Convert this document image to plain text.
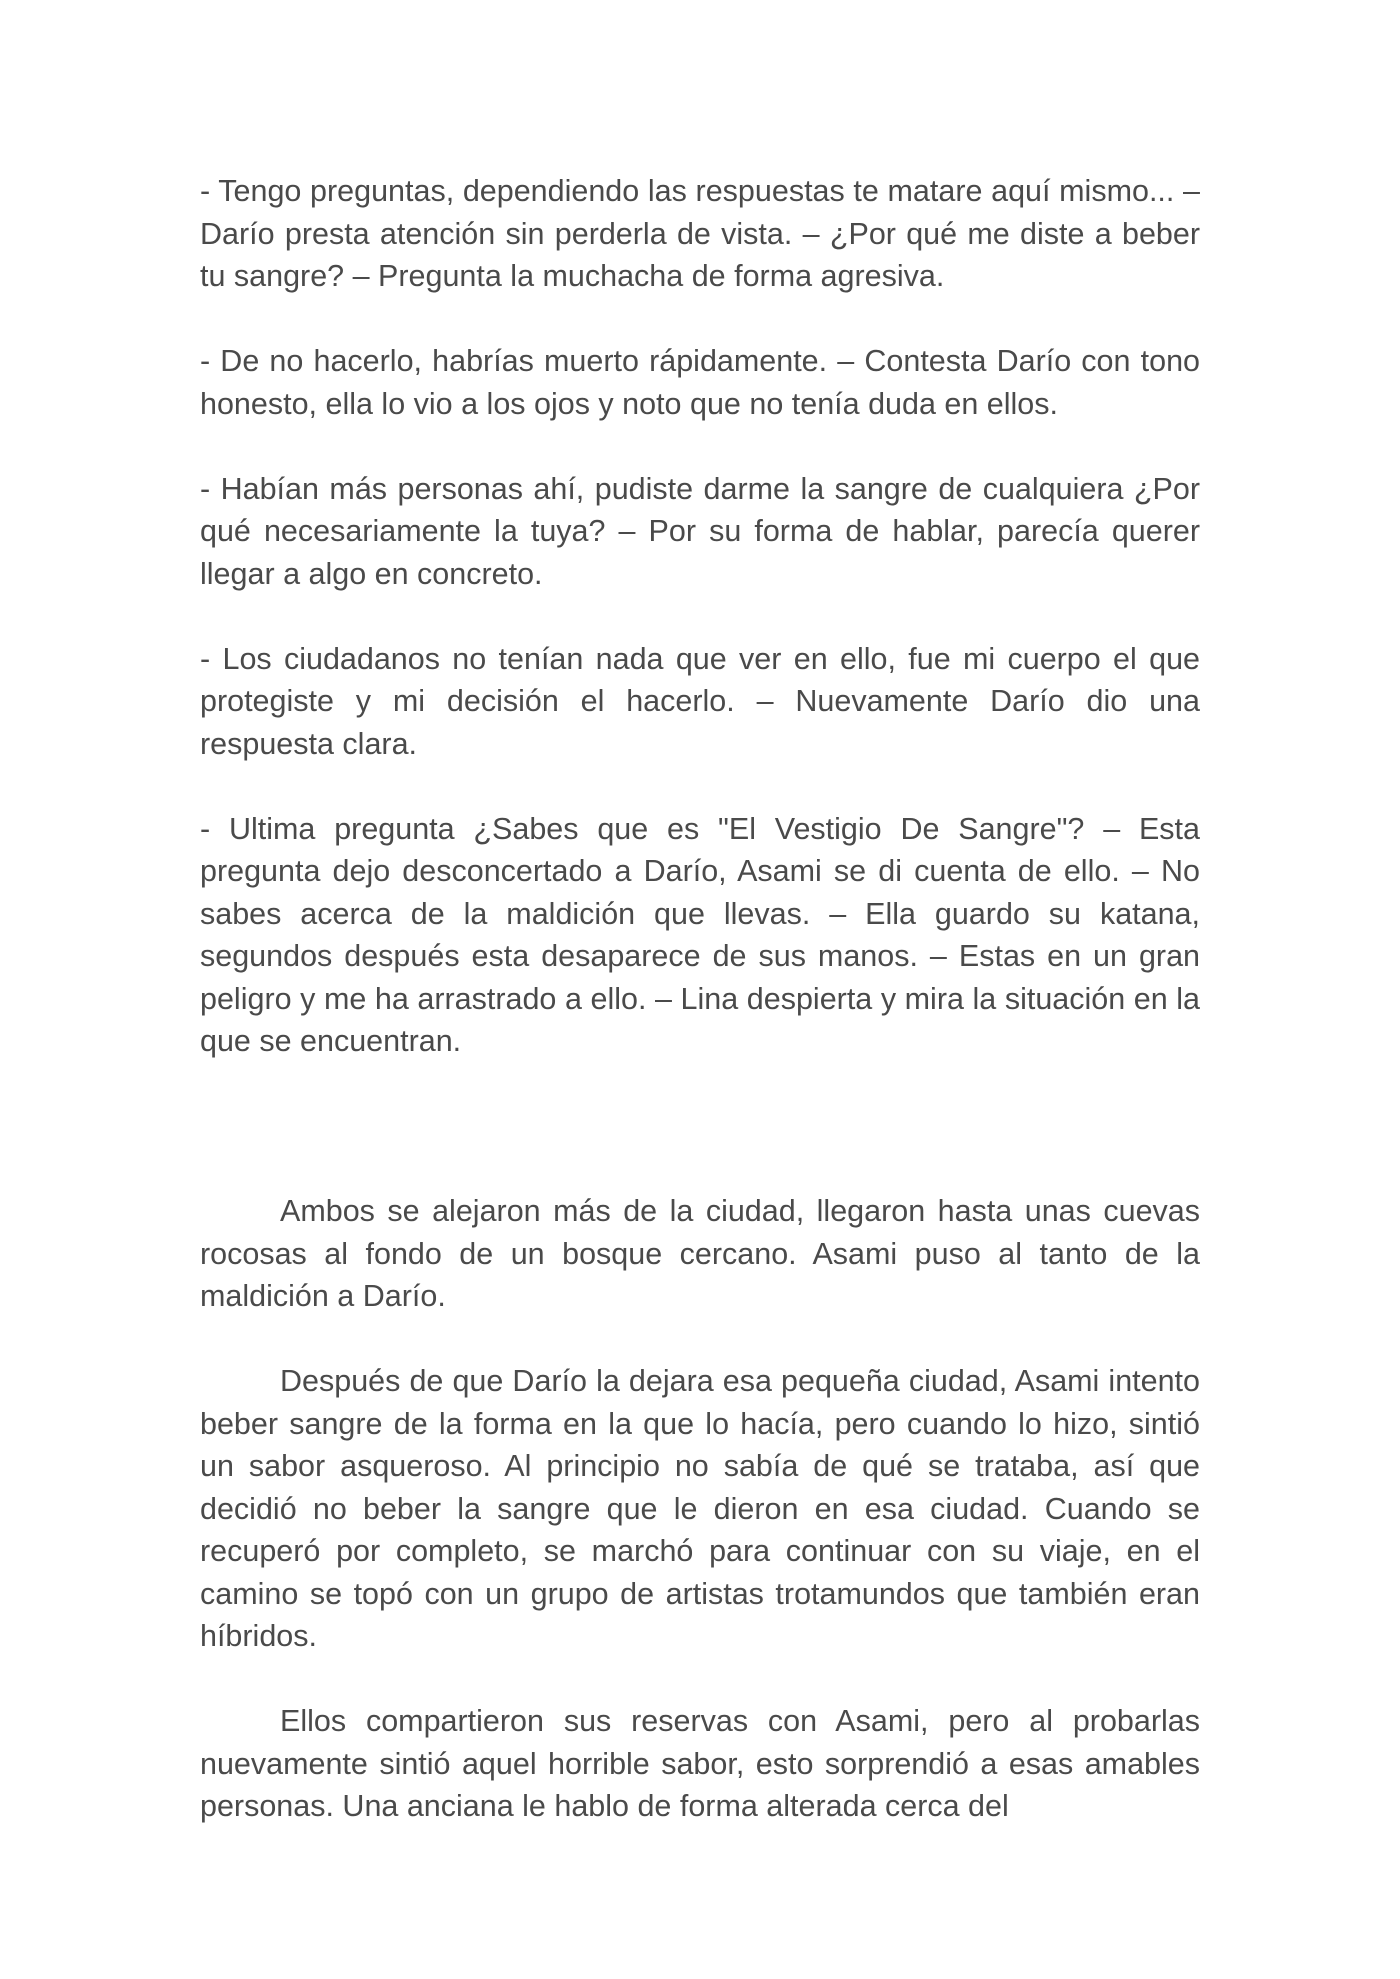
- Tengo preguntas, dependiendo las respuestas te matare aquí mismo... – Darío presta atención sin perderla de vista. – ¿Por qué me diste a beber tu sangre? – Pregunta la muchacha de forma agresiva.

- De no hacerlo, habrías muerto rápidamente. – Contesta Darío con tono honesto, ella lo vio a los ojos y noto que no tenía duda en ellos.

- Habían más personas ahí, pudiste darme la sangre de cualquiera ¿Por qué necesariamente la tuya? – Por su forma de hablar, parecía querer llegar a algo en concreto.

- Los ciudadanos no tenían nada que ver en ello, fue mi cuerpo el que protegiste y mi decisión el hacerlo. – Nuevamente Darío dio una respuesta clara.

- Ultima pregunta ¿Sabes que es "El Vestigio De Sangre"? – Esta pregunta dejo desconcertado a Darío, Asami se di cuenta de ello. – No sabes acerca de la maldición que llevas. – Ella guardo su katana, segundos después esta desaparece de sus manos. – Estas en un gran peligro y me ha arrastrado a ello. – Lina despierta y mira la situación en la que se encuentran.

Ambos se alejaron más de la ciudad, llegaron hasta unas cuevas rocosas al fondo de un bosque cercano. Asami puso al tanto de la maldición a Darío.

Después de que Darío la dejara esa pequeña ciudad, Asami intento beber sangre de la forma en la que lo hacía, pero cuando lo hizo, sintió un sabor asqueroso. Al principio no sabía de qué se trataba, así que decidió no beber la sangre que le dieron en esa ciudad. Cuando se recuperó por completo, se marchó para continuar con su viaje, en el camino se topó con un grupo de artistas trotamundos que también eran híbridos.

Ellos compartieron sus reservas con Asami, pero al probarlas nuevamente sintió aquel horrible sabor, esto sorprendió a esas amables personas. Una anciana le hablo de forma alterada cerca del
